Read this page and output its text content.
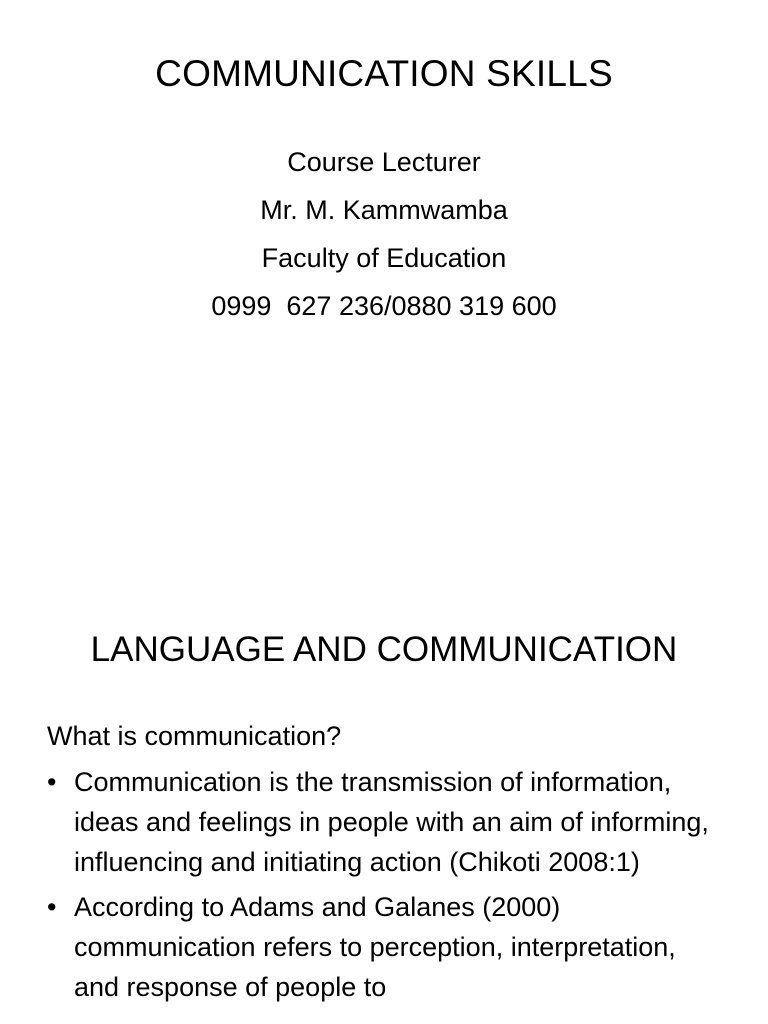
COMMUNICATION SKILLS
Course Lecturer
Mr. M. Kammwamba
Faculty of Education
0999  627 236/0880 319 600
LANGUAGE AND COMMUNICATION
What is communication?
• Communication is the transmission of information, ideas and feelings in people with an aim of informing, influencing and initiating action (Chikoti 2008:1)
• According to Adams and Galanes (2000) communication refers to perception, interpretation, and response of people to
